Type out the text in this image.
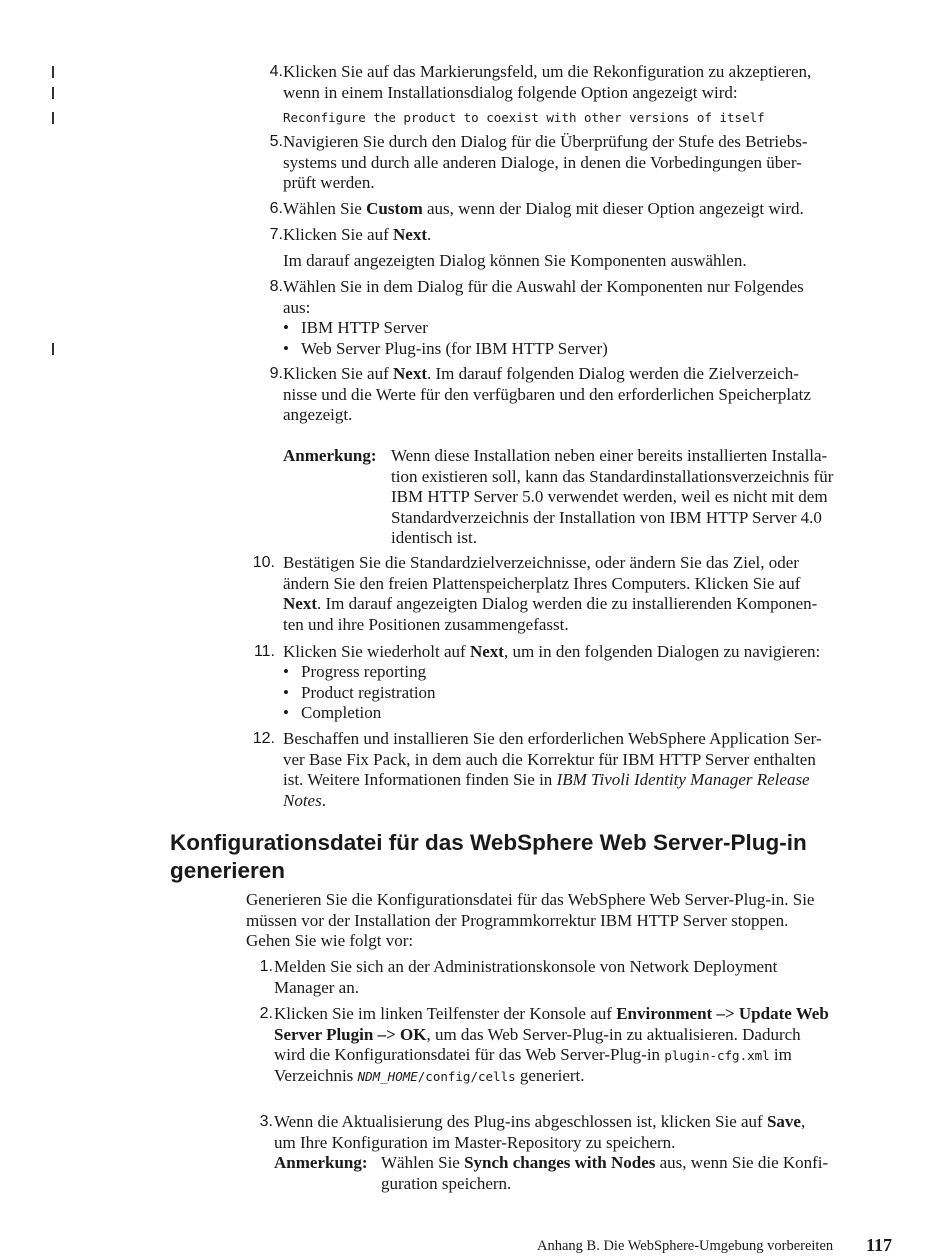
4. Klicken Sie auf das Markierungsfeld, um die Rekonfiguration zu akzeptieren,
wenn in einem Installationsdialog folgende Option angezeigt wird:
Reconfigure the product to coexist with other versions of itself
5. Navigieren Sie durch den Dialog für die Überprüfung der Stufe des Betriebs-
systems und durch alle anderen Dialoge, in denen die Vorbedingungen über-
prüft werden.
6. Wählen Sie Custom aus, wenn der Dialog mit dieser Option angezeigt wird.
7. Klicken Sie auf Next.
Im darauf angezeigten Dialog können Sie Komponenten auswählen.
8. Wählen Sie in dem Dialog für die Auswahl der Komponenten nur Folgendes
aus:
• IBM HTTP Server
• Web Server Plug-ins (for IBM HTTP Server)
9. Klicken Sie auf Next. Im darauf folgenden Dialog werden die Zielverzeich-
nisse und die Werte für den verfügbaren und den erforderlichen Speicherplatz
angezeigt.
Anmerkung: Wenn diese Installation neben einer bereits installierten Installa-
tion existieren soll, kann das Standardinstallationsverzeichnis für
IBM HTTP Server 5.0 verwendet werden, weil es nicht mit dem
Standardverzeichnis der Installation von IBM HTTP Server 4.0
identisch ist.
10. Bestätigen Sie die Standardzielverzeichnisse, oder ändern Sie das Ziel, oder
ändern Sie den freien Plattenspeicherplatz Ihres Computers. Klicken Sie auf
Next. Im darauf angezeigten Dialog werden die zu installierenden Komponen-
ten und ihre Positionen zusammengefasst.
11. Klicken Sie wiederholt auf Next, um in den folgenden Dialogen zu navigieren:
• Progress reporting
• Product registration
• Completion
12. Beschaffen und installieren Sie den erforderlichen WebSphere Application Ser-
ver Base Fix Pack, in dem auch die Korrektur für IBM HTTP Server enthalten
ist. Weitere Informationen finden Sie in IBM Tivoli Identity Manager Release
Notes.
Konfigurationsdatei für das WebSphere Web Server-Plug-in
generieren
Generieren Sie die Konfigurationsdatei für das WebSphere Web Server-Plug-in. Sie
müssen vor der Installation der Programmkorrektur IBM HTTP Server stoppen.
Gehen Sie wie folgt vor:
1. Melden Sie sich an der Administrationskonsole von Network Deployment
Manager an.
2. Klicken Sie im linken Teilfenster der Konsole auf Environment –> Update Web
Server Plugin –> OK, um das Web Server-Plug-in zu aktualisieren. Dadurch
wird die Konfigurationsdatei für das Web Server-Plug-in plugin-cfg.xml im
Verzeichnis NDM_HOME/config/cells generiert.
3. Wenn die Aktualisierung des Plug-ins abgeschlossen ist, klicken Sie auf Save,
um Ihre Konfiguration im Master-Repository zu speichern.
Anmerkung: Wählen Sie Synch changes with Nodes aus, wenn Sie die Konfi-
guration speichern.
Anhang B. Die WebSphere-Umgebung vorbereiten 117
